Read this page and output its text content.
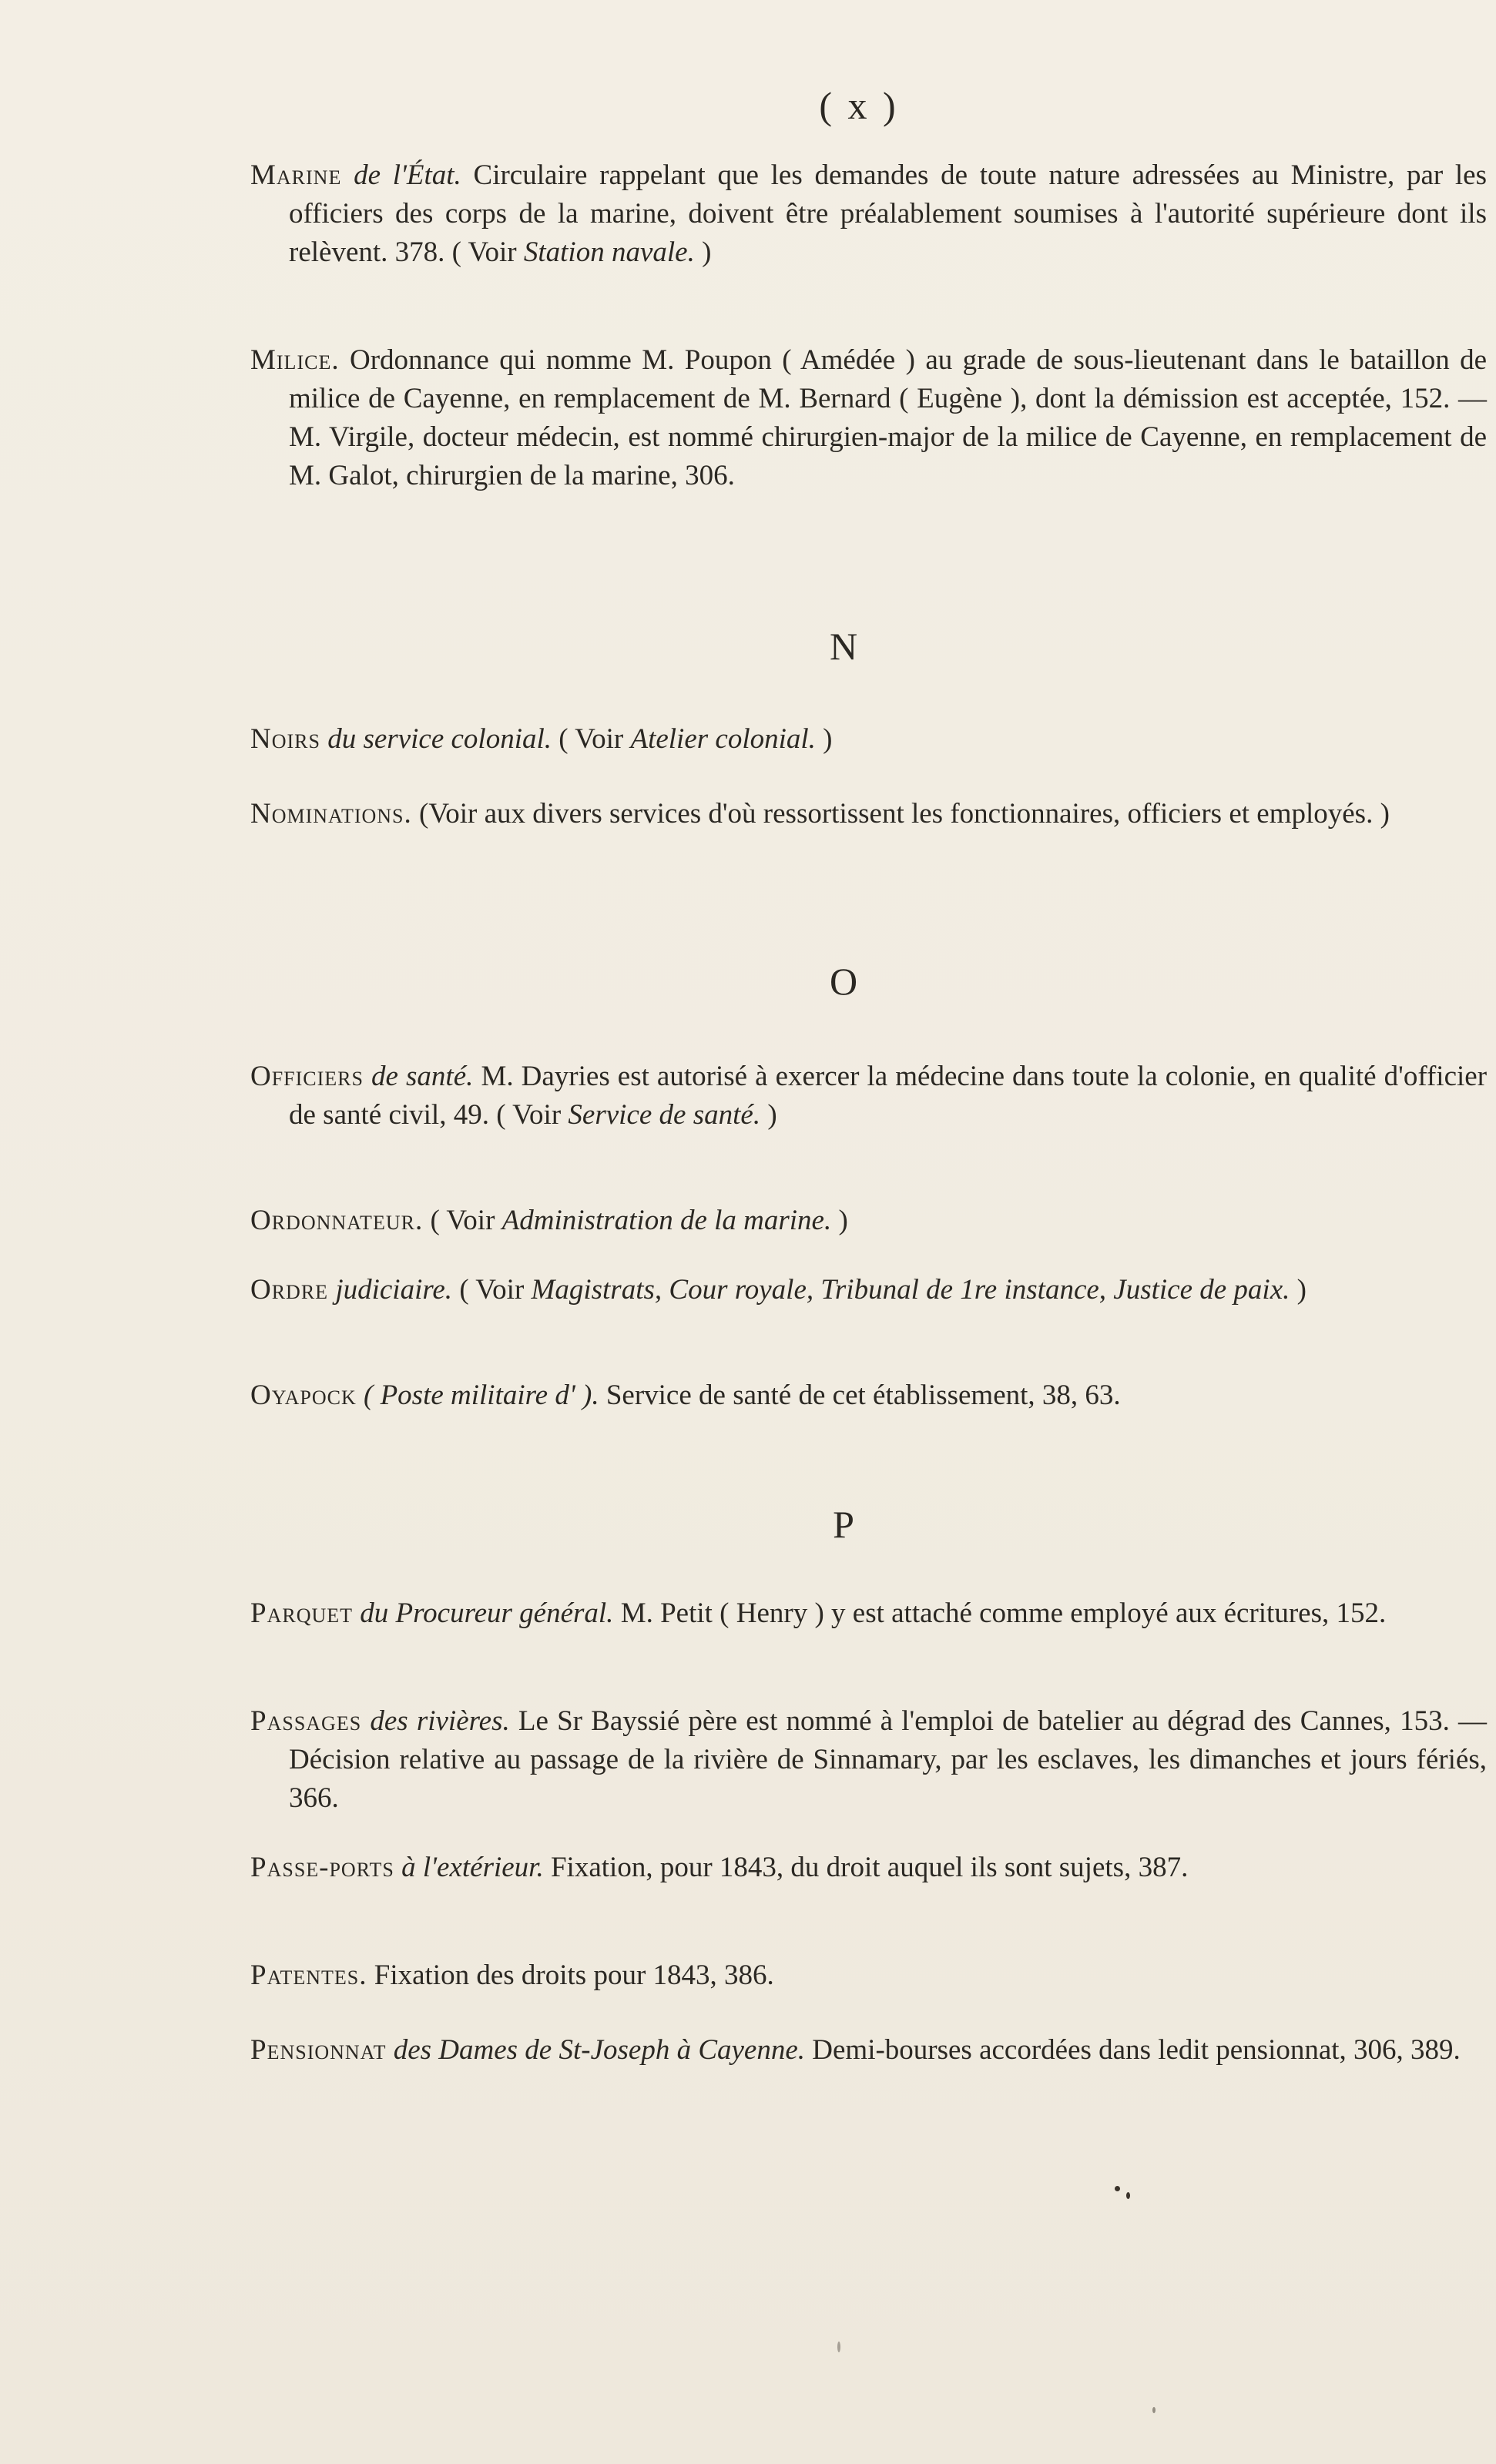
( x )
Marine de l'État. Circulaire rappelant que les demandes de toute nature adressées au Ministre, par les officiers des corps de la marine, doivent être préalablement soumises à l'autorité supérieure dont ils relèvent. 378. ( Voir Station navale. )
Milice. Ordonnance qui nomme M. Poupon ( Amédée ) au grade de sous-lieutenant dans le bataillon de milice de Cayenne, en remplacement de M. Bernard ( Eugène ), dont la démission est acceptée, 152. — M. Virgile, docteur médecin, est nommé chirurgien-major de la milice de Cayenne, en remplacement de M. Galot, chirurgien de la marine, 306.
N
Noirs du service colonial. ( Voir Atelier colonial. )
Nominations. (Voir aux divers services d'où ressortissent les fonctionnaires, officiers et employés. )
O
Officiers de santé. M. Dayries est autorisé à exercer la médecine dans toute la colonie, en qualité d'officier de santé civil, 49. ( Voir Service de santé. )
Ordonnateur. ( Voir Administration de la marine. )
Ordre judiciaire. ( Voir Magistrats, Cour royale, Tribunal de 1re instance, Justice de paix. )
Oyapock ( Poste militaire d' ). Service de santé de cet établissement, 38, 63.
P
Parquet du Procureur général. M. Petit ( Henry ) y est attaché comme employé aux écritures, 152.
Passages des rivières. Le Sr Bayssié père est nommé à l'emploi de batelier au dégrad des Cannes, 153. — Décision relative au passage de la rivière de Sinnamary, par les esclaves, les dimanches et jours fériés, 366.
Passe-ports à l'extérieur. Fixation, pour 1843, du droit auquel ils sont sujets, 387.
Patentes. Fixation des droits pour 1843, 386.
Pensionnat des Dames de St-Joseph à Cayenne. Demi-bourses accordées dans ledit pensionnat, 306, 389.
